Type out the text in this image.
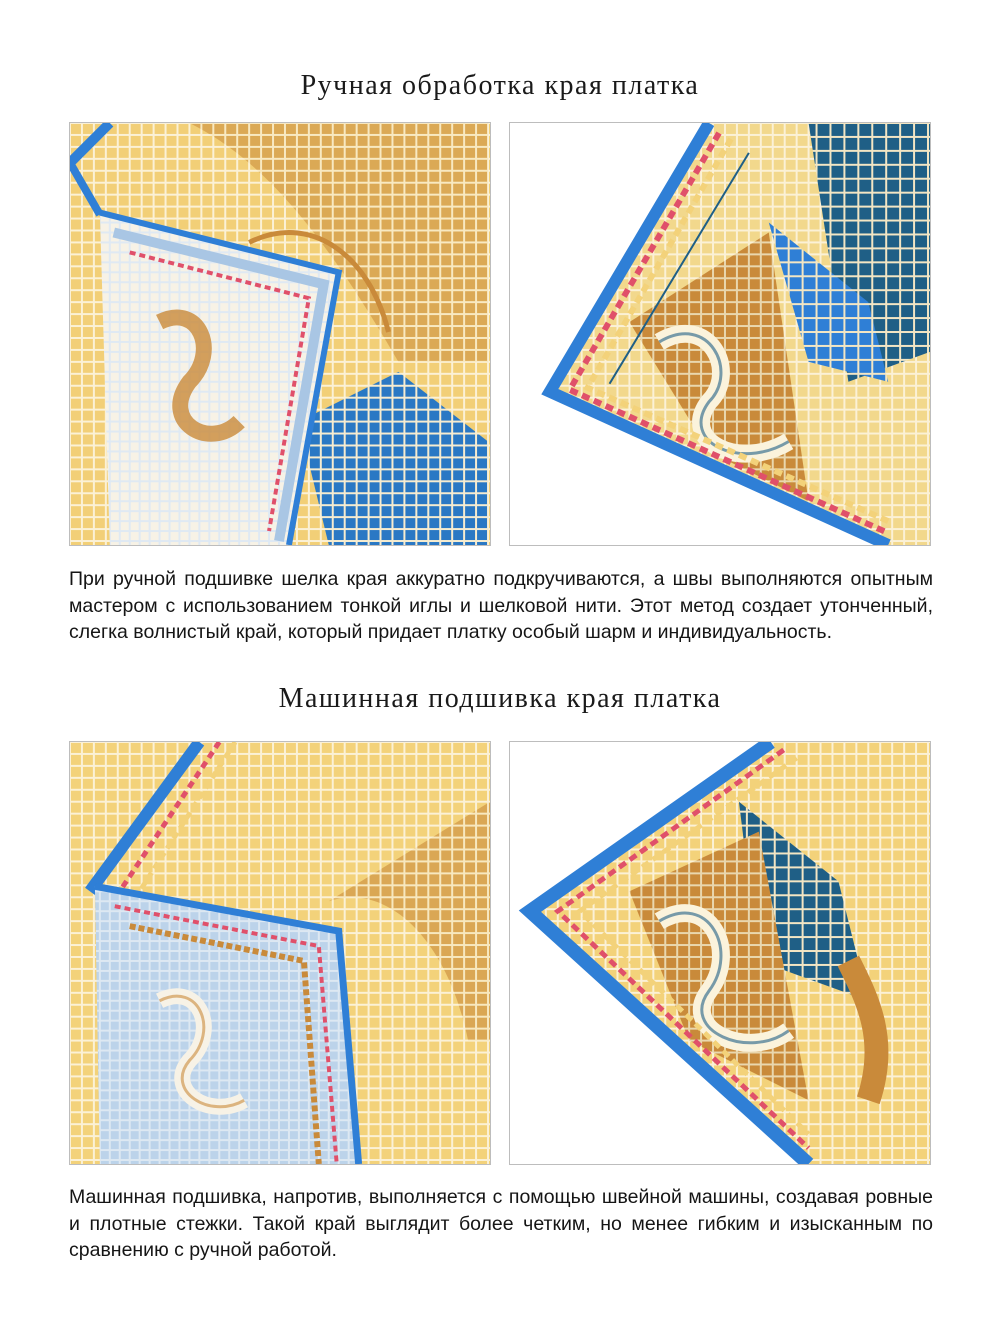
Ручная обработка края платка

При ручной подшивке шелка края аккуратно подкручиваются, а швы выполняются опытным мастером с использованием тонкой иглы и шелковой нити. Этот метод создает утонченный, слегка волнистый край, который придает платку особый шарм и индивидуальность.

Машинная подшивка края платка

Машинная подшивка, напротив, выполняется с помощью швейной машины, создавая ровные и плотные стежки. Такой край выглядит более четким, но менее гибким и изысканным по сравнению с ручной работой.
